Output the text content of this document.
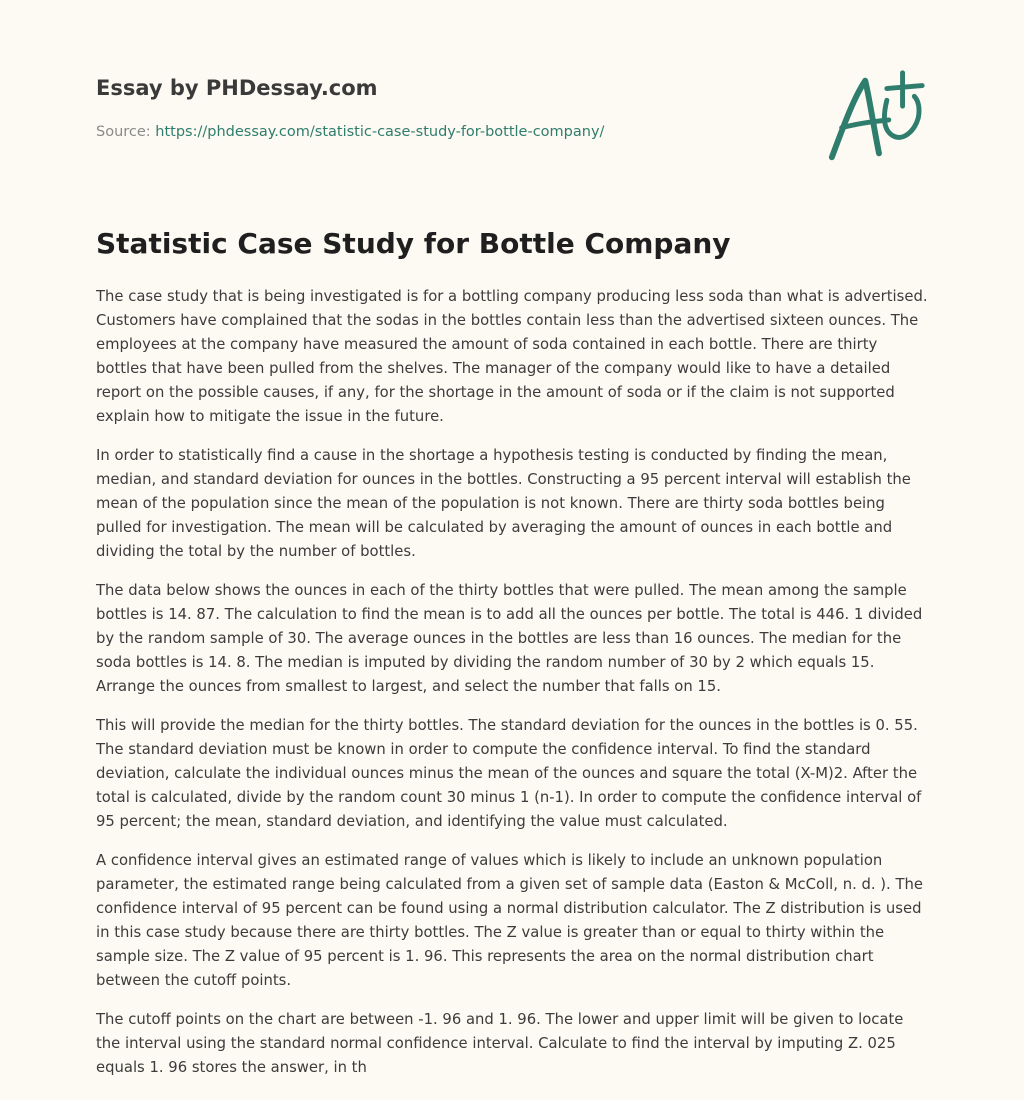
Essay by PHDessay.com
Source: https://phdessay.com/statistic-case-study-for-bottle-company/
Statistic Case Study for Bottle Company

The case study that is being investigated is for a bottling company producing less soda than what is advertised. Customers have complained that the sodas in the bottles contain less than the advertised sixteen ounces. The employees at the company have measured the amount of soda contained in each bottle. There are thirty bottles that have been pulled from the shelves. The manager of the company would like to have a detailed report on the possible causes, if any, for the shortage in the amount of soda or if the claim is not supported explain how to mitigate the issue in the future.

In order to statistically find a cause in the shortage a hypothesis testing is conducted by finding the mean, median, and standard deviation for ounces in the bottles. Constructing a 95 percent interval will establish the mean of the population since the mean of the population is not known. There are thirty soda bottles being pulled for investigation. The mean will be calculated by averaging the amount of ounces in each bottle and dividing the total by the number of bottles.

The data below shows the ounces in each of the thirty bottles that were pulled. The mean among the sample bottles is 14. 87. The calculation to find the mean is to add all the ounces per bottle. The total is 446. 1 divided by the random sample of 30. The average ounces in the bottles are less than 16 ounces. The median for the soda bottles is 14. 8. The median is imputed by dividing the random number of 30 by 2 which equals 15. Arrange the ounces from smallest to largest, and select the number that falls on 15.

This will provide the median for the thirty bottles. The standard deviation for the ounces in the bottles is 0. 55. The standard deviation must be known in order to compute the confidence interval. To find the standard deviation, calculate the individual ounces minus the mean of the ounces and square the total (X-M)2. After the total is calculated, divide by the random count 30 minus 1 (n-1). In order to compute the confidence interval of 95 percent; the mean, standard deviation, and identifying the value must calculated.

A confidence interval gives an estimated range of values which is likely to include an unknown population parameter, the estimated range being calculated from a given set of sample data (Easton & McColl, n. d. ). The confidence interval of 95 percent can be found using a normal distribution calculator. The Z distribution is used in this case study because there are thirty bottles. The Z value is greater than or equal to thirty within the sample size. The Z value of 95 percent is 1. 96. This represents the area on the normal distribution chart between the cutoff points.

The cutoff points on the chart are between -1. 96 and 1. 96. The lower and upper limit will be given to locate the interval using the standard normal confidence interval. Calculate to find the interval by imputing Z. 025 equals 1. 96 stores the answer, in th
